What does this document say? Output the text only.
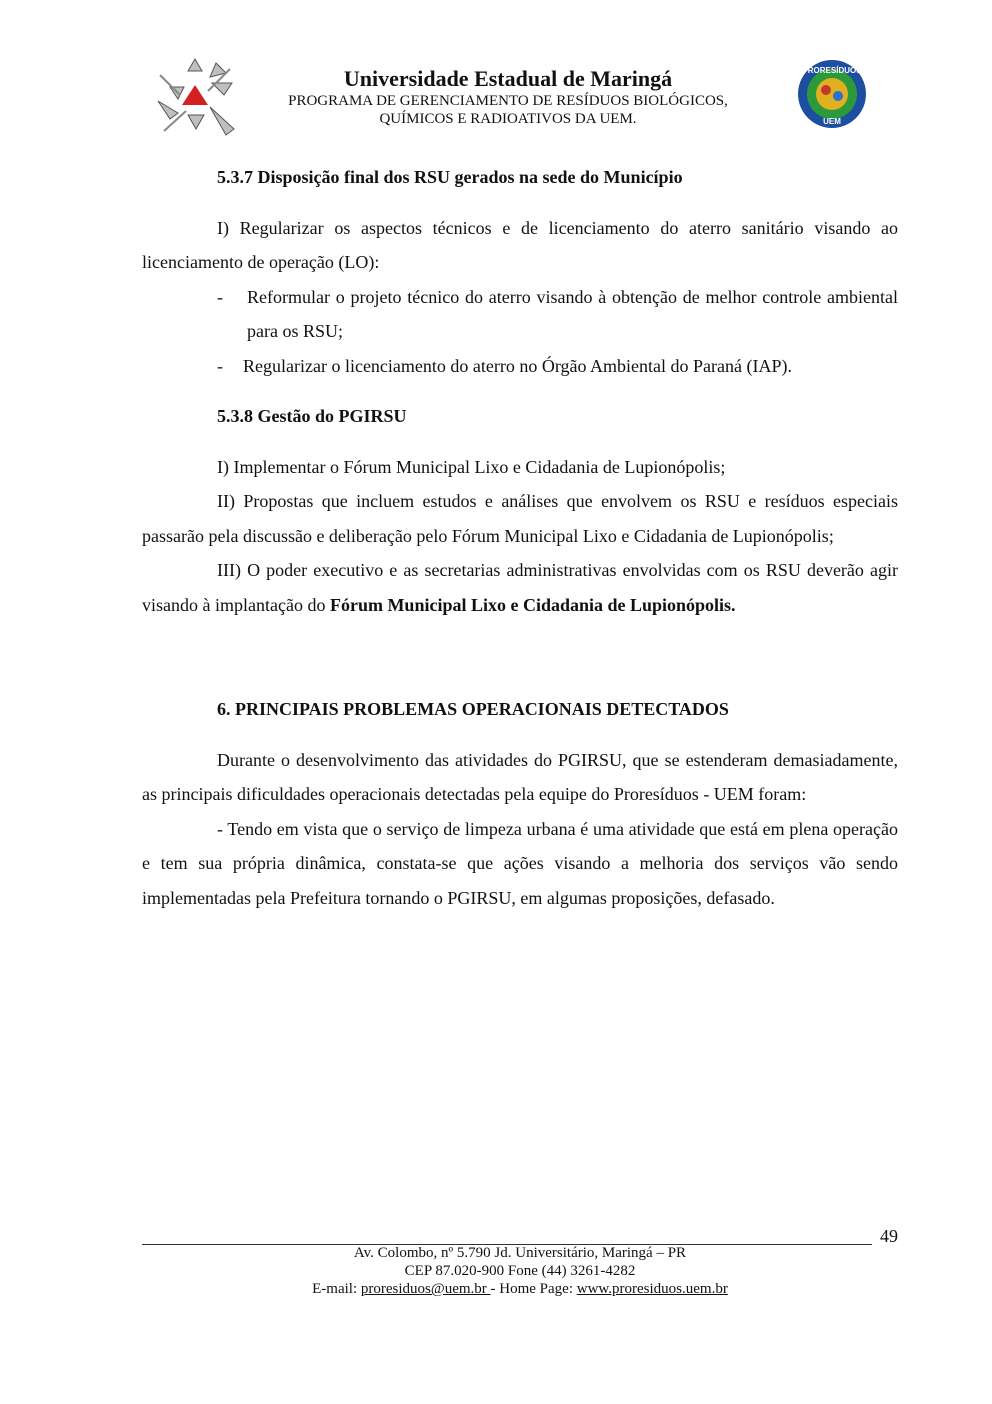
Universidade Estadual de Maringá
PROGRAMA DE GERENCIAMENTO DE RESÍDUOS BIOLÓGICOS,
QUÍMICOS E RADIOATIVOS DA UEM.
PRORESÍDUOS
UEM

5.3.7 Disposição final dos RSU gerados na sede do Município

I) Regularizar os aspectos técnicos e de licenciamento do aterro sanitário visando ao licenciamento de operação (LO):

-	Reformular o projeto técnico do aterro visando à obtenção de melhor controle ambiental para os RSU;
-	Regularizar o licenciamento do aterro no Órgão Ambiental do Paraná (IAP).

5.3.8 Gestão do PGIRSU

I) Implementar o Fórum Municipal Lixo e Cidadania de Lupionópolis;

II) Propostas que incluem estudos e análises que envolvem os RSU e resíduos especiais passarão pela discussão e deliberação pelo Fórum Municipal Lixo e Cidadania de Lupionópolis;

III) O poder executivo e as secretarias administrativas envolvidas com os RSU deverão agir visando à implantação do Fórum Municipal Lixo e Cidadania de Lupionópolis.

6. PRINCIPAIS PROBLEMAS OPERACIONAIS DETECTADOS

Durante o desenvolvimento das atividades do PGIRSU, que se estenderam demasiadamente, as principais dificuldades operacionais detectadas pela equipe do Proresíduos - UEM foram:

- Tendo em vista que o serviço de limpeza urbana é uma atividade que está em plena operação e tem sua própria dinâmica, constata-se que ações visando a melhoria dos serviços vão sendo implementadas pela Prefeitura tornando o PGIRSU, em algumas proposições, defasado.

49
Av. Colombo, nº 5.790 Jd. Universitário, Maringá – PR
CEP 87.020-900 Fone (44) 3261-4282
E-mail: proresiduos@uem.br - Home Page: www.proresiduos.uem.br
